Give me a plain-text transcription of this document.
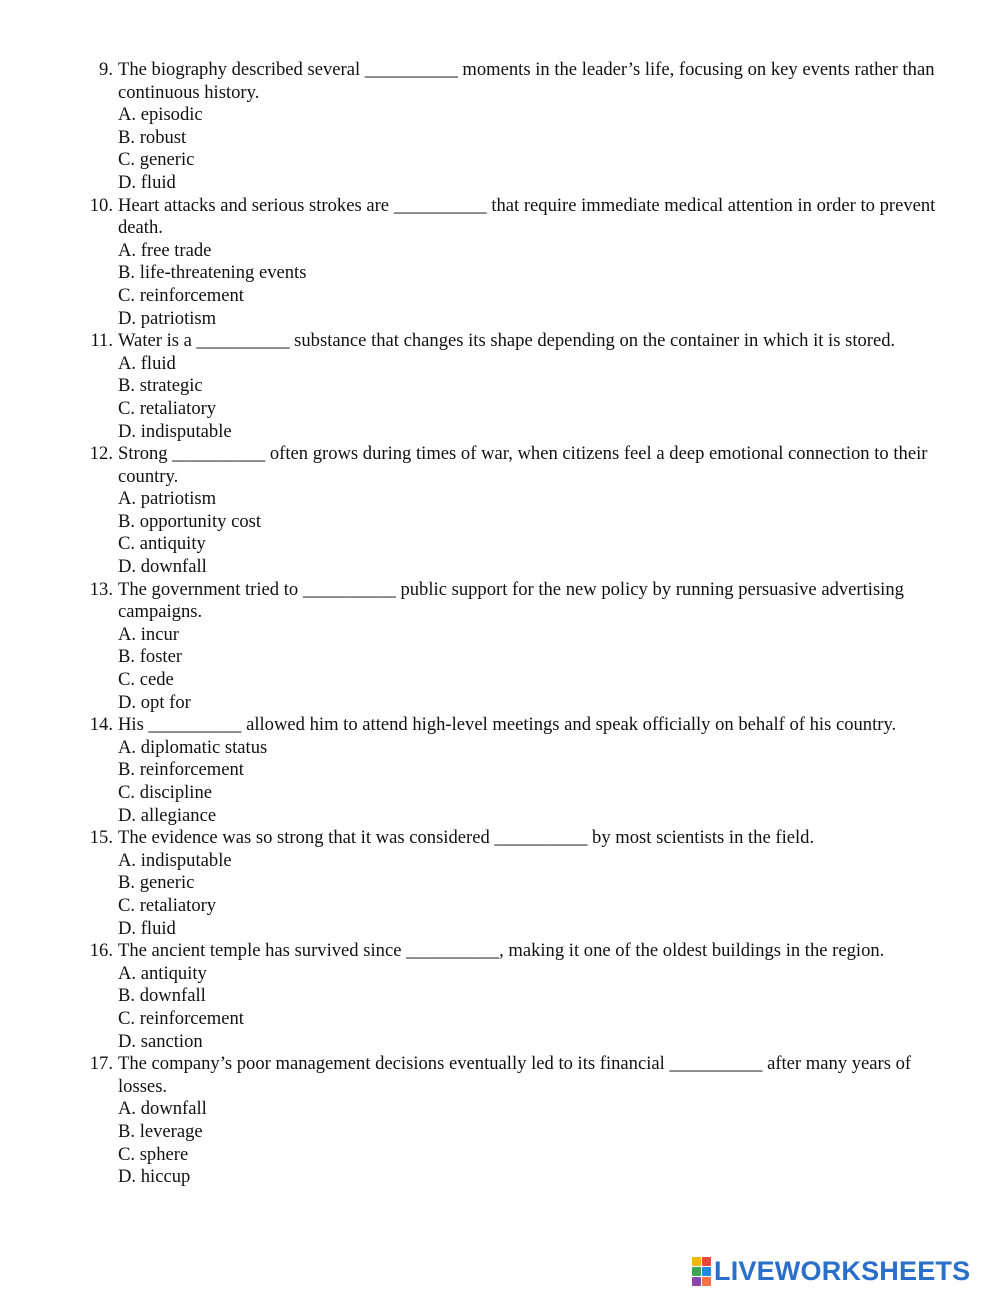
9. The biography described several __________ moments in the leader’s life, focusing on key events rather than continuous history.
A. episodic
B. robust
C. generic
D. fluid
10. Heart attacks and serious strokes are __________ that require immediate medical attention in order to prevent death.
A. free trade
B. life-threatening events
C. reinforcement
D. patriotism
11. Water is a __________ substance that changes its shape depending on the container in which it is stored.
A. fluid
B. strategic
C. retaliatory
D. indisputable
12. Strong __________ often grows during times of war, when citizens feel a deep emotional connection to their country.
A. patriotism
B. opportunity cost
C. antiquity
D. downfall
13. The government tried to __________ public support for the new policy by running persuasive advertising campaigns.
A. incur
B. foster
C. cede
D. opt for
14. His __________ allowed him to attend high-level meetings and speak officially on behalf of his country.
A. diplomatic status
B. reinforcement
C. discipline
D. allegiance
15. The evidence was so strong that it was considered __________ by most scientists in the field.
A. indisputable
B. generic
C. retaliatory
D. fluid
16. The ancient temple has survived since __________, making it one of the oldest buildings in the region.
A. antiquity
B. downfall
C. reinforcement
D. sanction
17. The company’s poor management decisions eventually led to its financial __________ after many years of losses.
A. downfall
B. leverage
C. sphere
D. hiccup
LIVEWORKSHEETS
